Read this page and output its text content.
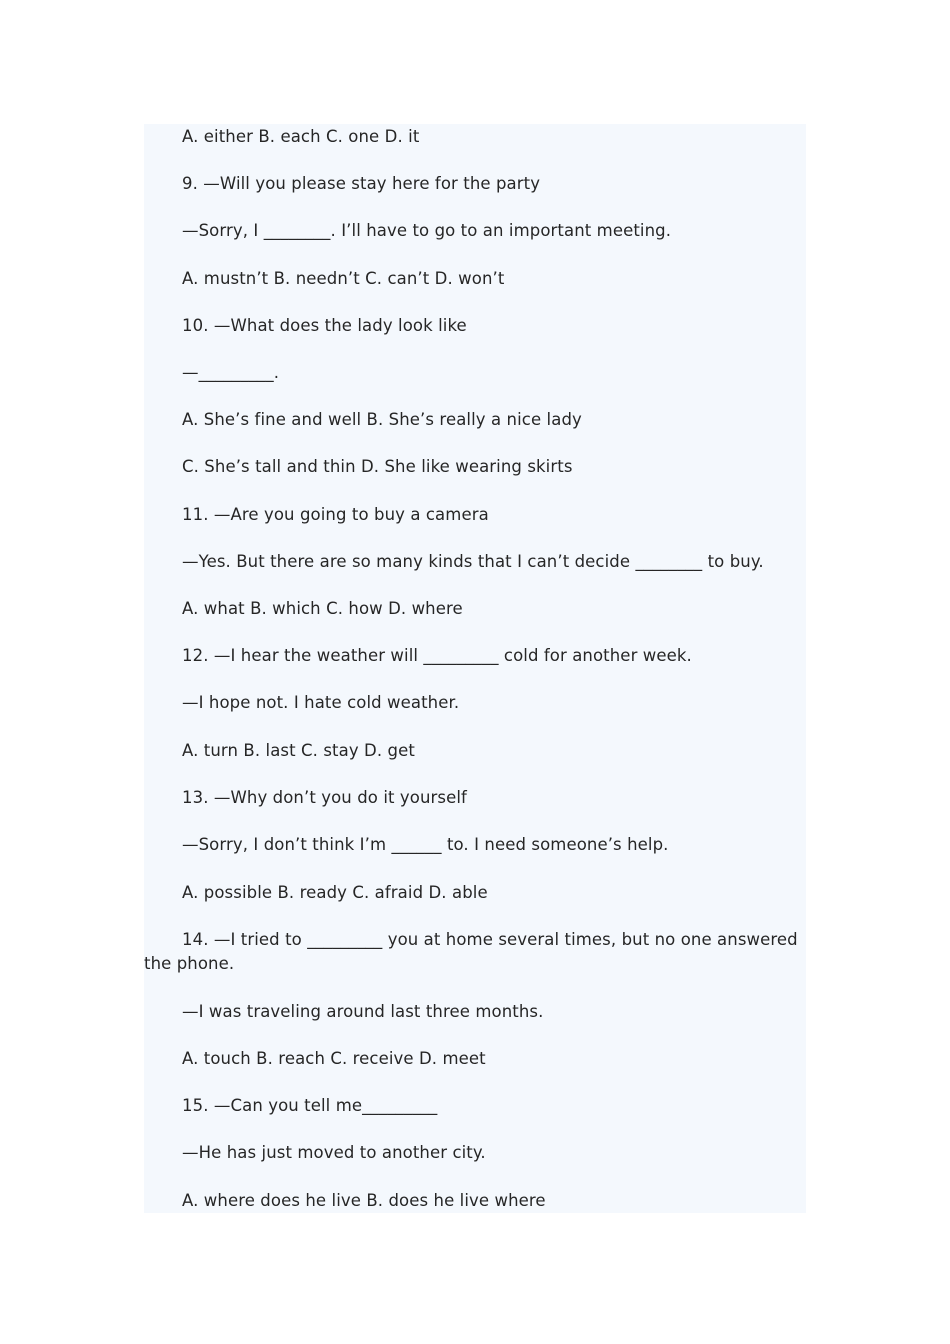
A. either B. each C. one D. it
9. —Will you please stay here for the party
—Sorry, I ________. I’ll have to go to an important meeting.
A. mustn’t B. needn’t C. can’t D. won’t
10. —What does the lady look like
—_________.
A. She’s fine and well B. She’s really a nice lady
C. She’s tall and thin D. She like wearing skirts
11. —Are you going to buy a camera
—Yes. But there are so many kinds that I can’t decide ________ to buy.
A. what B. which C. how D. where
12. —I hear the weather will _________ cold for another week.
—I hope not. I hate cold weather.
A. turn B. last C. stay D. get
13. —Why don’t you do it yourself
—Sorry, I don’t think I’m ______ to. I need someone’s help.
A. possible B. ready C. afraid D. able
14. —I tried to _________ you at home several times, but no one answered the phone.
—I was traveling around last three months.
A. touch B. reach C. receive D. meet
15. —Can you tell me_________
—He has just moved to another city.
A. where does he live B. does he live where
